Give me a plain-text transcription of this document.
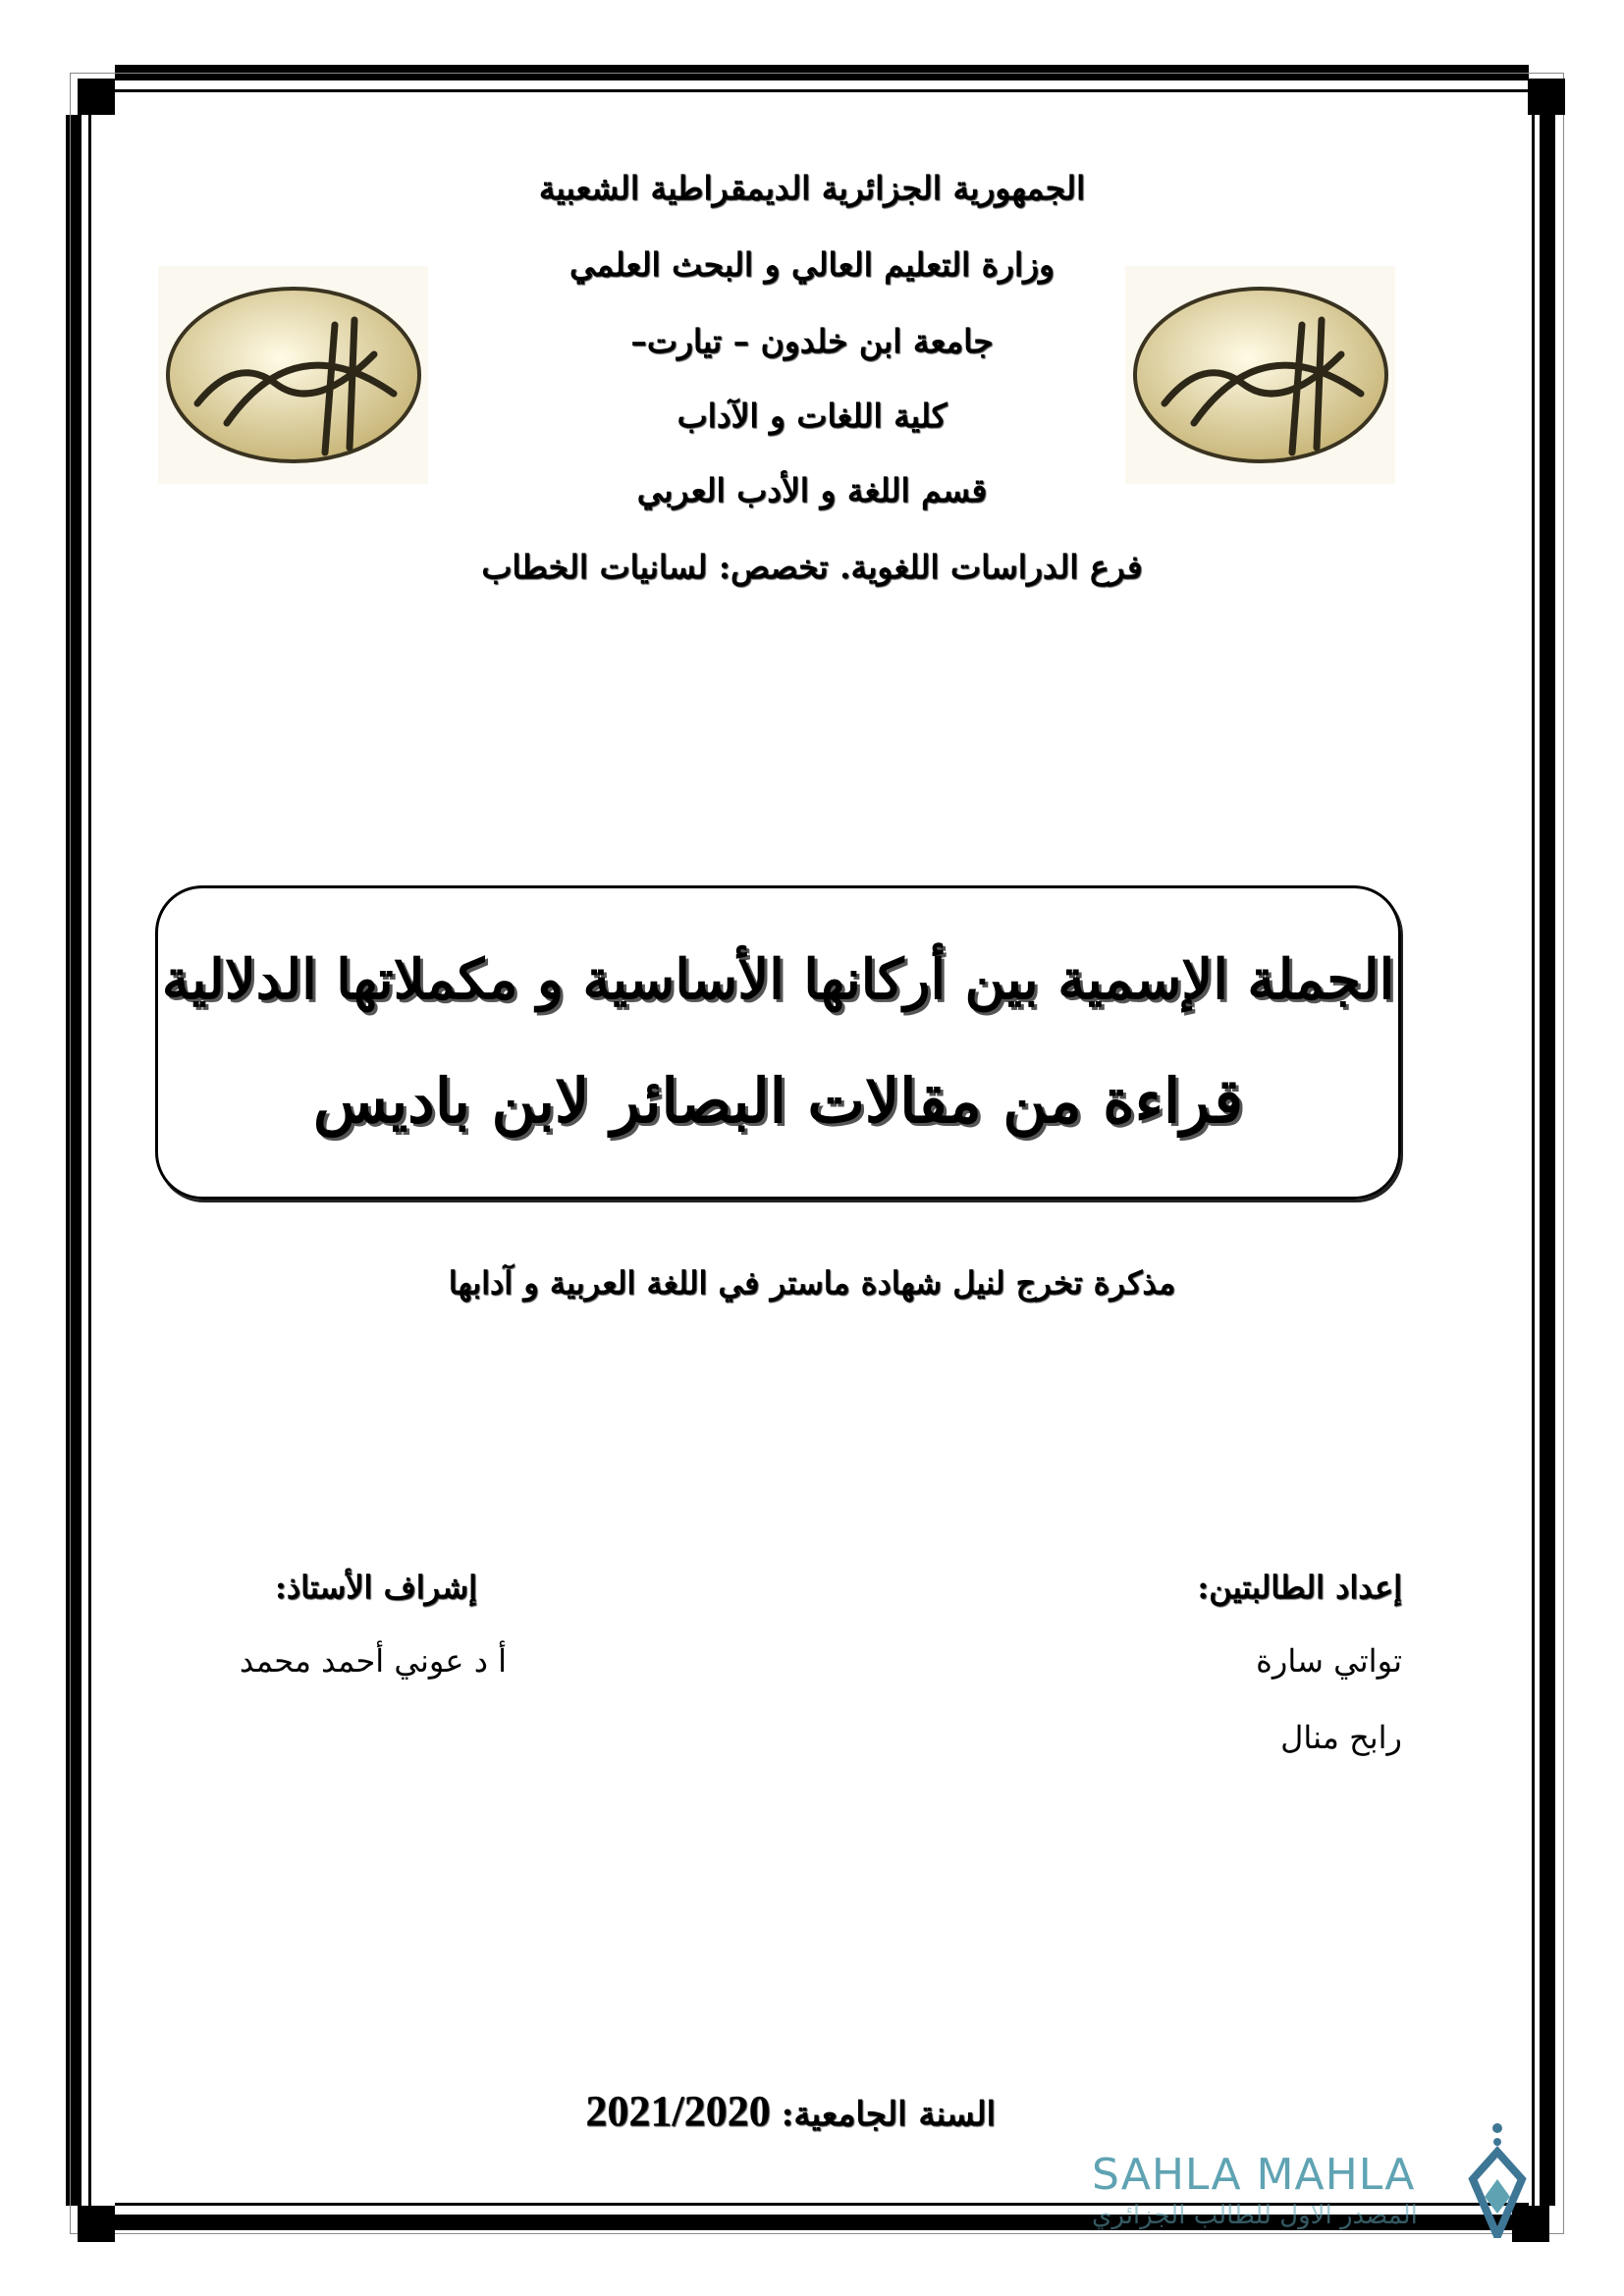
الجمهورية الجزائرية الديمقراطية الشعبية
وزارة التعليم العالي و البحث العلمي
جامعة ابن خلدون – تيارت–
كلية اللغات و الآداب
قسم اللغة و الأدب العربي
فرع الدراسات اللغوية. تخصص: لسانيات الخطاب
الجملة الإسمية بين أركانها الأساسية و مكملاتها الدلالية
قراءة من مقالات البصائر لابن باديس
مذكرة تخرج لنيل شهادة ماستر في اللغة العربية و آدابها
إعداد الطالبتين:
تواتي سارة
رابح منال
إشراف الأستاذ:
أ د عوني أحمد محمد
السنة الجامعية: 2021/2020
SAHLA MAHLA
المصدر الاول للطالب الجزائري
